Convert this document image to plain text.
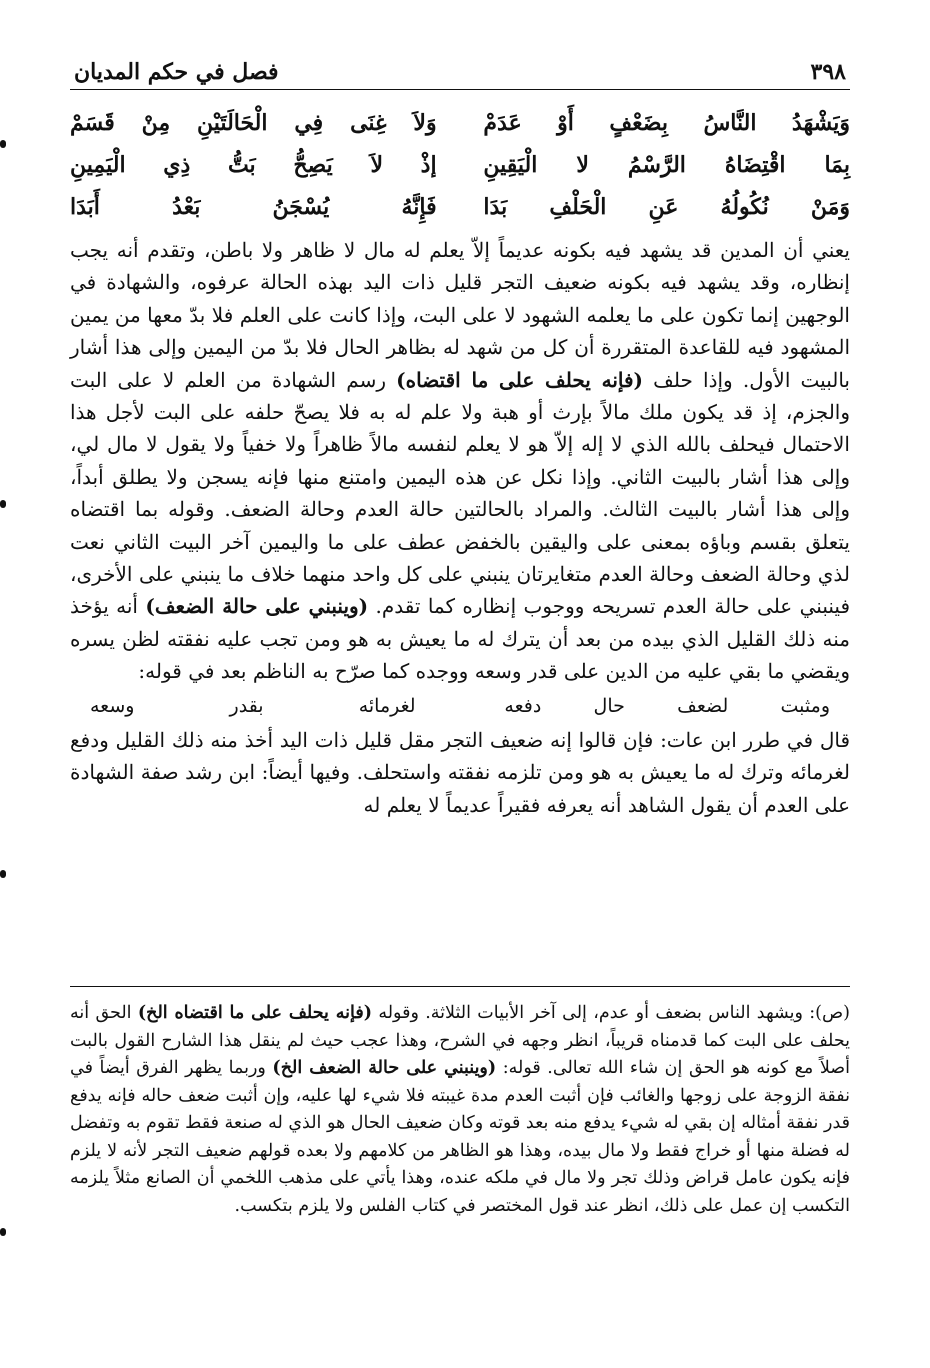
٣٩٨
فصل في حكم المديان
وَيَشْهَدُ النَّاسُ بِضَعْفٍ أَوْ عَدَمْ
وَلاَ غِنَى فِي الْحَالَتَيْنِ مِنْ قَسَمْ
بِمَا اقْتِضَاهُ الرَّسْمُ لا الْيَقِينِ
إذْ لاَ يَصِحُّ بَتُّ ذِي الْيَمِينِ
وَمَنْ نُكُولُهُ عَنِ الْحَلْفِ بَدَا
فَإِنَّهُ يُسْجَنُ بَعْدُ أَبَدَا

يعني أن المدين قد يشهد فيه بكونه عديماً إلاّ يعلم له مال لا ظاهر ولا باطن، وتقدم أنه يجب إنظاره، وقد يشهد فيه بكونه ضعيف التجر قليل ذات اليد بهذه الحالة عرفوه، والشهادة في الوجهين إنما تكون على ما يعلمه الشهود لا على البت، وإذا كانت على العلم فلا بدّ معها من يمين المشهود فيه للقاعدة المتقررة أن كل من شهد له بظاهر الحال فلا بدّ من اليمين وإلى هذا أشار بالبيت الأول. وإذا حلف (فإنه يحلف على ما اقتضاه) رسم الشهادة من العلم لا على البت والجزم، إذ قد يكون ملك مالاً بإرث أو هبة ولا علم له به فلا يصحّ حلفه على البت لأجل هذا الاحتمال فيحلف بالله الذي لا إله إلاّ هو لا يعلم لنفسه مالاً ظاهراً ولا خفياً ولا يقول لا مال لي، وإلى هذا أشار بالبيت الثاني. وإذا نكل عن هذه اليمين وامتنع منها فإنه يسجن ولا يطلق أبداً، وإلى هذا أشار بالبيت الثالث. والمراد بالحالتين حالة العدم وحالة الضعف. وقوله بما اقتضاه يتعلق بقسم وباؤه بمعنى على واليقين بالخفض عطف على ما واليمين آخر البيت الثاني نعت لذي وحالة الضعف وحالة العدم متغايرتان ينبني على كل واحد منهما خلاف ما ينبني على الأخرى، فينبني على حالة العدم تسريحه ووجوب إنظاره كما تقدم. (وينبني على حالة الضعف) أنه يؤخذ منه ذلك القليل الذي بيده من بعد أن يترك له ما يعيش به هو ومن تجب عليه نفقته لظن يسره ويقضي ما بقي عليه من الدين على قدر وسعه ووجده كما صرّح به الناظم بعد في قوله:

ومثبت لضعف حال دفعه
لغرمائه بقدر وسعه

قال في طرر ابن عات: فإن قالوا إنه ضعيف التجر مقل قليل ذات اليد أخذ منه ذلك القليل ودفع لغرمائه وترك له ما يعيش به هو ومن تلزمه نفقته واستحلف. وفيها أيضاً: ابن رشد صفة الشهادة على العدم أن يقول الشاهد أنه يعرفه فقيراً عديماً لا يعلم له

(ص): ويشهد الناس بضعف أو عدم، إلى آخر الأبيات الثلاثة. وقوله (فإنه يحلف على ما اقتضاه الخ) الحق أنه يحلف على البت كما قدمناه قريباً، انظر وجهه في الشرح، وهذا عجب حيث لم ينقل هذا الشارح القول بالبت أصلاً مع كونه هو الحق إن شاء الله تعالى. قوله: (وينبني على حالة الضعف الخ) وربما يظهر الفرق أيضاً في نفقة الزوجة على زوجها والغائب فإن أثبت العدم مدة غيبته فلا شيء لها عليه، وإن أثبت ضعف حاله فإنه يدفع قدر نفقة أمثاله إن بقي له شيء يدفع منه بعد قوته وكان ضعيف الحال هو الذي له صنعة فقط تقوم به وتفضل له فضلة منها أو خراج فقط ولا مال بيده، وهذا هو الظاهر من كلامهم ولا بعده قولهم ضعيف التجر لأنه لا يلزم فإنه يكون عامل قراض وذلك تجر ولا مال في ملكه عنده، وهذا يأتي على مذهب اللخمي أن الصانع مثلاً يلزمه التكسب إن عمل على ذلك، انظر عند قول المختصر في كتاب الفلس ولا يلزم بتكسب.
